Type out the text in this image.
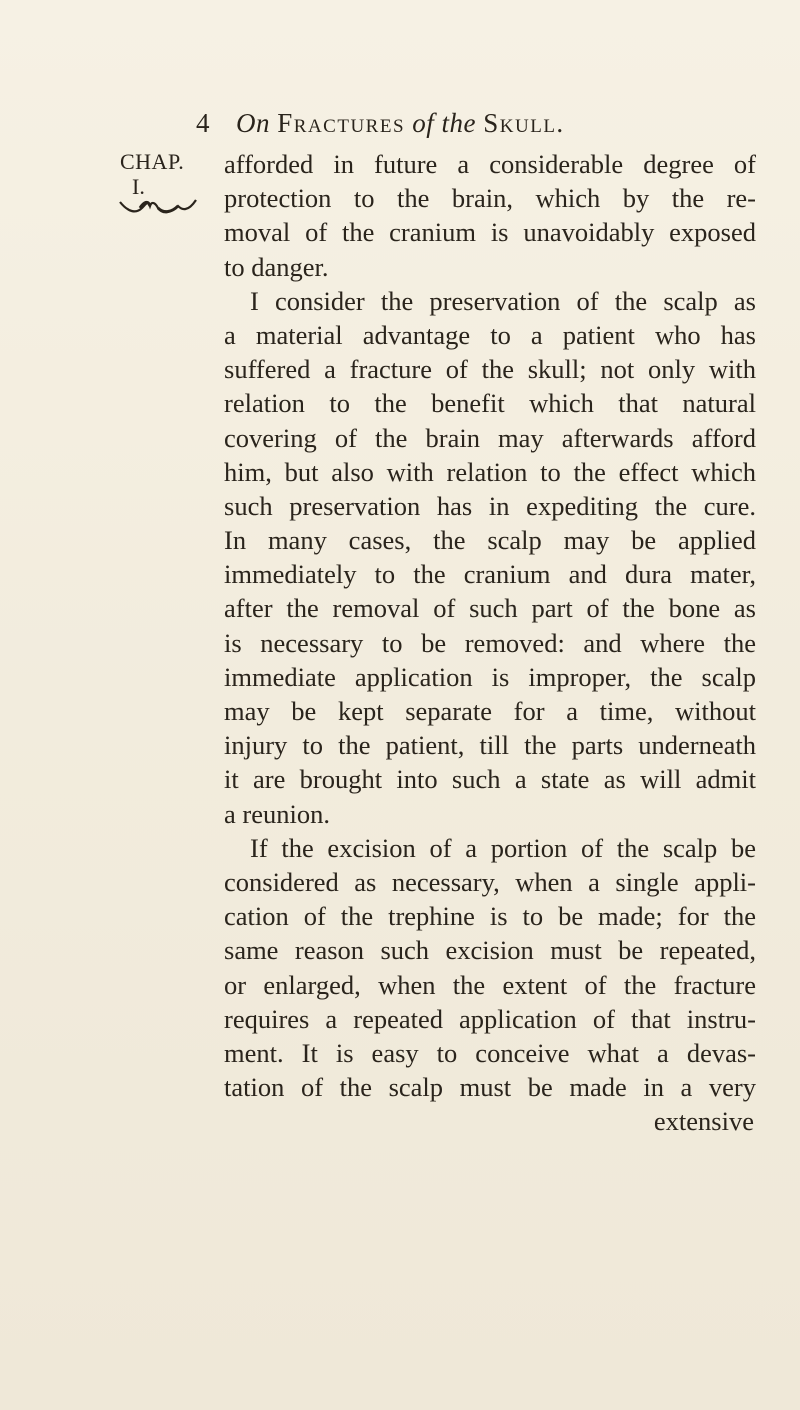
4 On Fractures of the Skull.
CHAP.
I.
afforded in future a considerable degree of
protection to the brain, which by the re-
moval of the cranium is unavoidably exposed
to danger.
I consider the preservation of the scalp as
a material advantage to a patient who has
suffered a fracture of the skull; not only with
relation to the benefit which that natural
covering of the brain may afterwards afford
him, but also with relation to the effect which
such preservation has in expediting the cure.
In many cases, the scalp may be applied
immediately to the cranium and dura mater,
after the removal of such part of the bone as
is necessary to be removed: and where the
immediate application is improper, the scalp
may be kept separate for a time, without
injury to the patient, till the parts underneath
it are brought into such a state as will admit
a reunion.
If the excision of a portion of the scalp be
considered as necessary, when a single appli-
cation of the trephine is to be made; for the
same reason such excision must be repeated,
or enlarged, when the extent of the fracture
requires a repeated application of that instru-
ment. It is easy to conceive what a devas-
tation of the scalp must be made in a very
extensive
